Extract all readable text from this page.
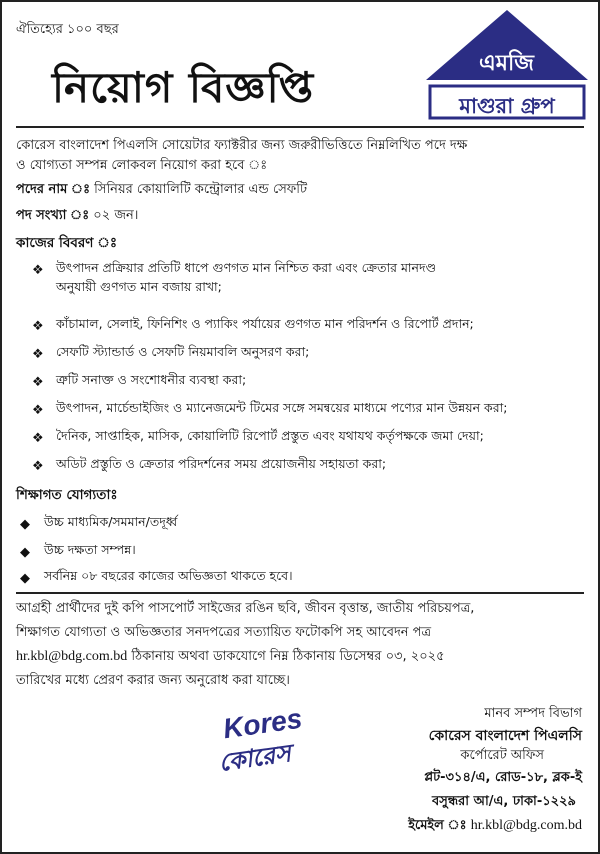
ঐতিহ্যের ১০০ বছর
নিয়োগ বিজ্ঞপ্তি	এমজি
মাগুরা গ্রুপ
কোরেস বাংলাদেশ পিএলসি সোয়েটার ফ্যাক্টরীর জন্য জরুরীভিত্তিতে নিম্নলিখিত পদে দক্ষ
ও যোগ্যতা সম্পন্ন লোকবল নিয়োগ করা হবে ঃ
পদের নাম ঃ সিনিয়র কোয়ালিটি কন্ট্রোলার এন্ড সেফটি
পদ সংখ্যা ঃ ০২ জন।
কাজের বিবরণ ঃ
❖ উৎপাদন প্রক্রিয়ার প্রতিটি ধাপে গুণগত মান নিশ্চিত করা এবং ক্রেতার মানদণ্ড
অনুযায়ী গুণগত মান বজায় রাখা;
❖ কাঁচামাল, সেলাই, ফিনিশিং ও প্যাকিং পর্যায়ের গুণগত মান পরিদর্শন ও রিপোর্ট প্রদান;
❖ সেফটি স্ট্যান্ডার্ড ও সেফটি নিয়মাবলি অনুসরণ করা;
❖ ত্রুটি সনাক্ত ও সংশোধনীর ব্যবস্থা করা;
❖ উৎপাদন, মার্চেন্ডাইজিং ও ম্যানেজমেন্ট টিমের সঙ্গে সমন্বয়ের মাধ্যমে পণ্যের মান উন্নয়ন করা;
❖ দৈনিক, সাপ্তাহিক, মাসিক, কোয়ালিটি রিপোর্ট প্রস্তুত এবং যথাযথ কর্তৃপক্ষকে জমা দেয়া;
❖ অডিট প্রস্তুতি ও ক্রেতার পরিদর্শনের সময় প্রয়োজনীয় সহায়তা করা;
শিক্ষাগত যোগ্যতাঃ
◆ উচ্চ মাধ্যমিক/সমমান/তদূর্ধ্ব
◆ উচ্চ দক্ষতা সম্পন্ন।
◆ সর্বনিম্ন ০৮ বছরের কাজের অভিজ্ঞতা থাকতে হবে।
আগ্রহী প্রার্থীদের দুই কপি পাসপোর্ট সাইজের রঙিন ছবি, জীবন বৃত্তান্ত, জাতীয় পরিচয়পত্র,
শিক্ষাগত যোগ্যতা ও অভিজ্ঞতার সনদপত্রের সত্যায়িত ফটোকপি সহ আবেদন পত্র
hr.kbl@bdg.com.bd ঠিকানায় অথবা ডাকযোগে নিম্ন ঠিকানায় ডিসেম্বর ০৩, ২০২৫
তারিখের মধ্যে প্রেরণ করার জন্য অনুরোধ করা যাচ্ছে।
Kores
কোরেস
মানব সম্পদ বিভাগ
কোরেস বাংলাদেশ পিএলসি
কর্পোরেট অফিস
প্লট-৩১৪/এ, রোড-১৮, ব্লক-ই
বসুন্ধরা আ/এ, ঢাকা-১২২৯
ইমেইল ঃ hr.kbl@bdg.com.bd
